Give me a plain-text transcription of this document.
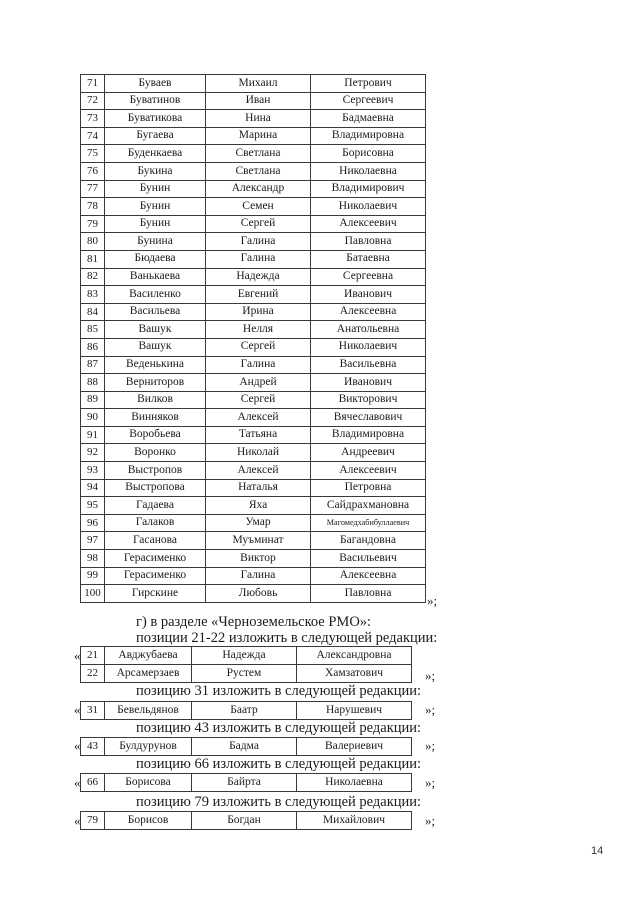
71	Буваев	Михаил	Петрович
72	Буватинов	Иван	Сергеевич
73	Буватикова	Нина	Бадмаевна
74	Бугаева	Марина	Владимировна
75	Буденкаева	Светлана	Борисовна
76	Букина	Светлана	Николаевна
77	Бунин	Александр	Владимирович
78	Бунин	Семен	Николаевич
79	Бунин	Сергей	Алексеевич
80	Бунина	Галина	Павловна
81	Бюдаева	Галина	Батаевна
82	Ванькаева	Надежда	Сергеевна
83	Василенко	Евгений	Иванович
84	Васильева	Ирина	Алексеевна
85	Вашук	Нелля	Анатольевна
86	Вашук	Сергей	Николаевич
87	Веденькина	Галина	Васильевна
88	Верниторов	Андрей	Иванович
89	Вилков	Сергей	Викторович
90	Винняков	Алексей	Вячеславович
91	Воробьева	Татьяна	Владимировна
92	Воронко	Николай	Андреевич
93	Выстропов	Алексей	Алексеевич
94	Выстропова	Наталья	Петровна
95	Гадаева	Яха	Сайдрахмановна
96	Галаков	Умар	Магомедхабибуллаевич
97	Гасанова	Муъминат	Багандовна
98	Герасименко	Виктор	Васильевич
99	Герасименко	Галина	Алексеевна
100	Гирскине	Любовь	Павловна
»;
г) в разделе «Черноземельское РМО»:
позиции 21-22 изложить в следующей редакции:
« 21	Авджубаева	Надежда	Александровна
22	Арсамерзаев	Рустем	Хамзатович	»;
позицию 31 изложить в следующей редакции:
« 31	Бевельдянов	Баатр	Нарушевич	»;
позицию 43 изложить в следующей редакции:
« 43	Булдурунов	Бадма	Валериевич	»;
позицию 66 изложить в следующей редакции:
« 66	Борисова	Байрта	Николаевна	»;
позицию 79 изложить в следующей редакции:
« 79	Борисов	Богдан	Михайлович	»;
14
